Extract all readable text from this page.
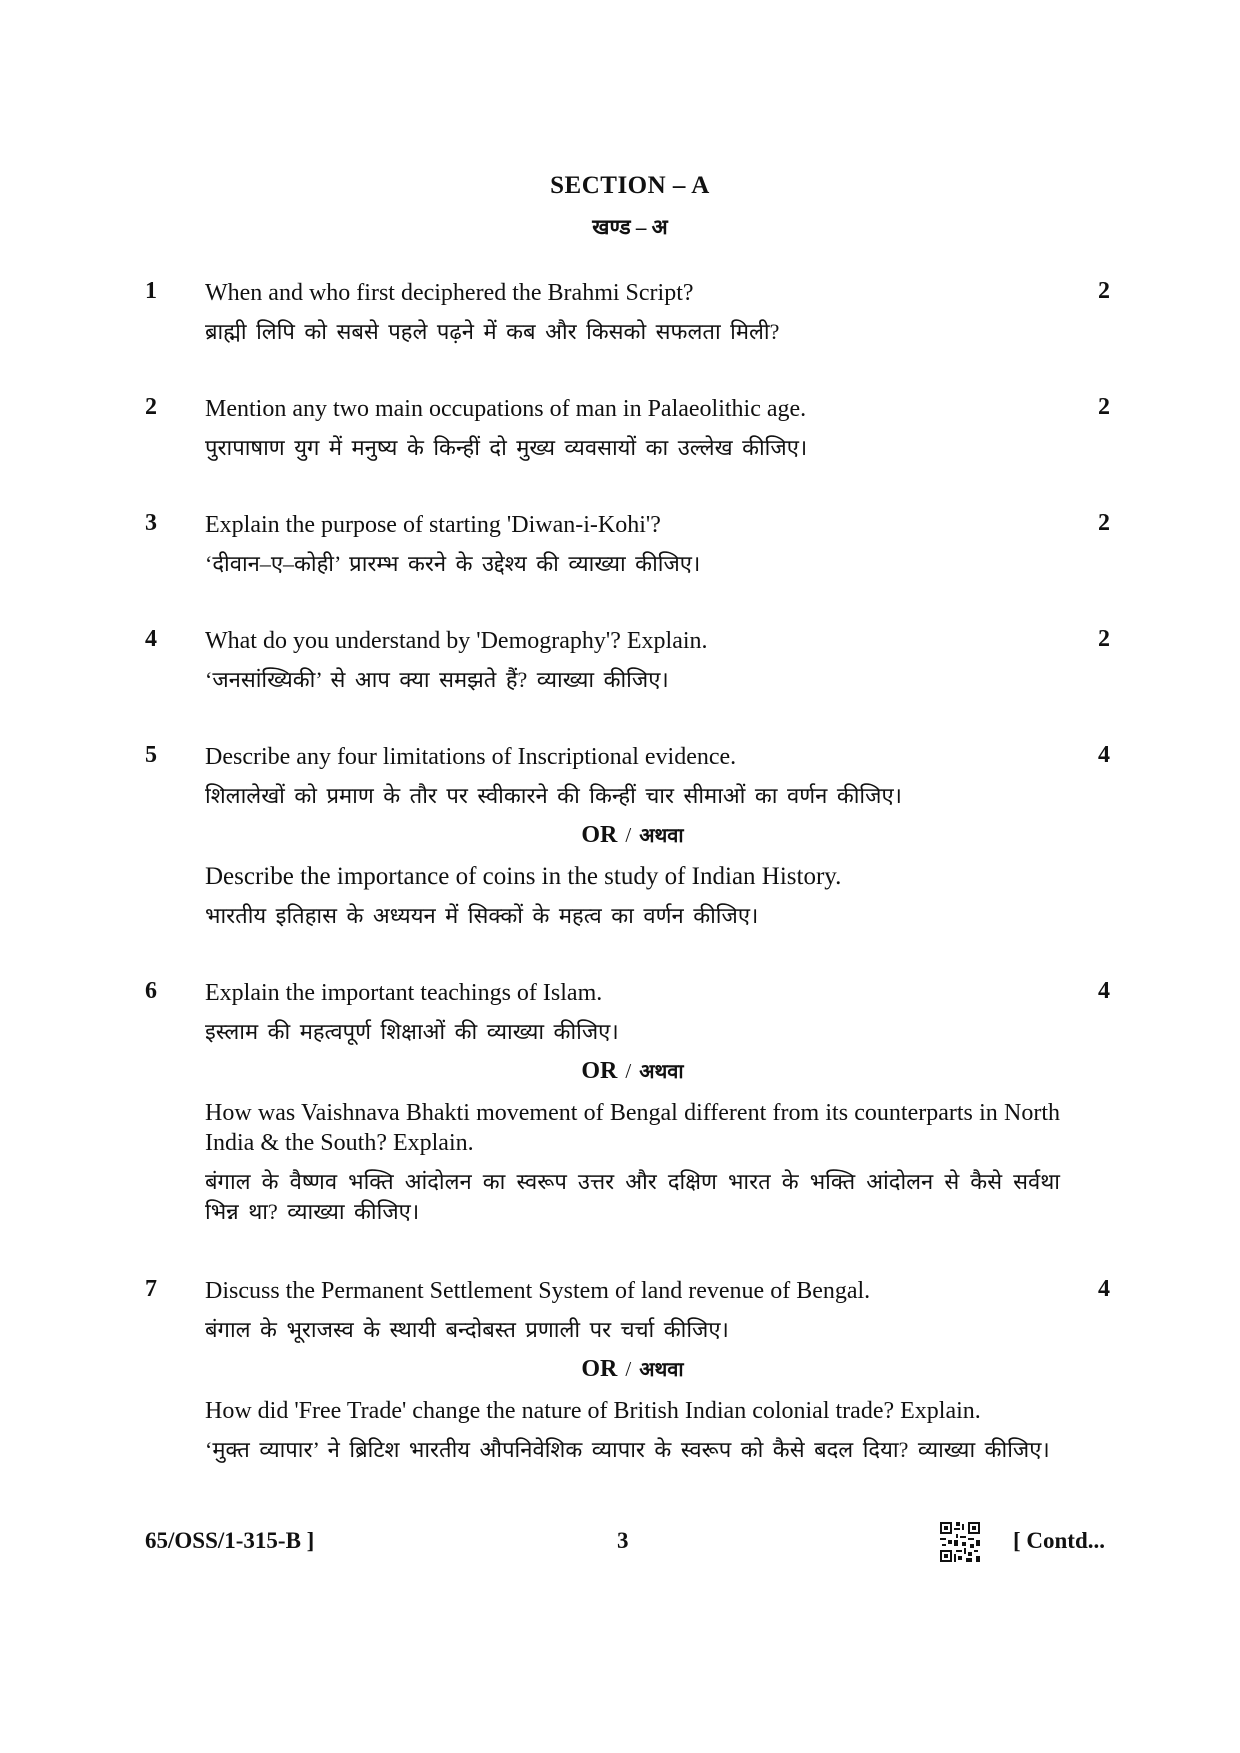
SECTION – A
खण्ड – अ
1 When and who first deciphered the Brahmi Script?

ब्राह्मी लिपि को सबसे पहले पढ़ने में कब और किसको सफलता मिली?

2
2 Mention any two main occupations of man in Palaeolithic age.

पुरापाषाण युग में मनुष्य के किन्हीं दो मुख्य व्यवसायों का उल्लेख कीजिए।

2
3 Explain the purpose of starting 'Diwan-i-Kohi'?

‘दीवान–ए–कोही’ प्रारम्भ करने के उद्देश्य की व्याख्या कीजिए।

2
4 What do you understand by 'Demography'? Explain.

‘जनसांख्यिकी’ से आप क्या समझते हैं? व्याख्या कीजिए।

2
5 Describe any four limitations of Inscriptional evidence.

शिलालेखों को प्रमाण के तौर पर स्वीकारने की किन्हीं चार सीमाओं का वर्णन कीजिए।

OR / अथवा

Describe the importance of coins in the study of Indian History.

भारतीय इतिहास के अध्ययन में सिक्कों के महत्व का वर्णन कीजिए।

4
6 Explain the important teachings of Islam.

इस्लाम की महत्वपूर्ण शिक्षाओं की व्याख्या कीजिए।

OR / अथवा

How was Vaishnava Bhakti movement of Bengal different from its counterparts in North India & the South? Explain.

बंगाल के वैष्णव भक्ति आंदोलन का स्वरूप उत्तर और दक्षिण भारत के भक्ति आंदोलन से कैसे सर्वथा भिन्न था? व्याख्या कीजिए।

4
7 Discuss the Permanent Settlement System of land revenue of Bengal.

बंगाल के भूराजस्व के स्थायी बन्दोबस्त प्रणाली पर चर्चा कीजिए।

OR / अथवा

How did 'Free Trade' change the nature of British Indian colonial trade? Explain.

‘मुक्त व्यापार’ ने ब्रिटिश भारतीय औपनिवेशिक व्यापार के स्वरूप को कैसे बदल दिया? व्याख्या कीजिए।

4
65/OSS/1-315-B ]	3	[ Contd...
